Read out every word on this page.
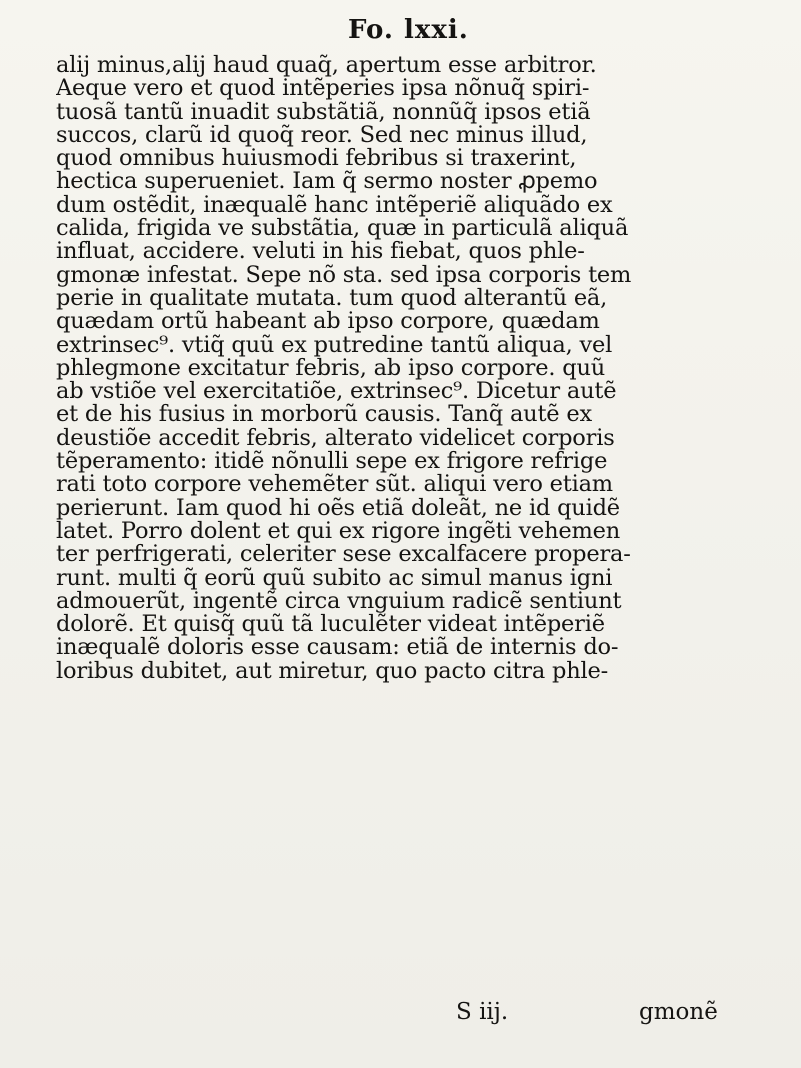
Fo. lxxi.
alij minus,alij haud quaq̃, apertum esse arbitror.
Aeque vero et quod intẽperies ipsa nõnuq̃ spiri-
tuosã tantũ inuadit substãtiã, nonnũq̃ ipsos etiã
succos, clarũ id quoq̃ reor. Sed nec minus illud,
quod omnibus huiusmodi febribus si traxerint,
hectica superueniet. Iam q̃ sermo noster ꝓpemo
dum ostẽdit, inæqualẽ hanc intẽperiẽ aliquãdo ex
calida, frigida ve substãtia, quæ in particulã aliquã
influat, accidere. veluti in his fiebat, quos phle-
gmonæ infestat. Sepe nõ sta. sed ipsa corporis tem
perie in qualitate mutata. tum quod alterantũ eã,
quædam ortũ habeant ab ipso corpore, quædam
extrinsec⁹. vtiq̃ quũ ex putredine tantũ aliqua, vel
phlegmone excitatur febris, ab ipso corpore. quũ
ab vstiõe vel exercitatiõe, extrinsec⁹. Dicetur autẽ
et de his fusius in morborũ causis. Tanq̃ autẽ ex
deustiõe accedit febris, alterato videlicet corporis
tẽperamento: itidẽ nõnulli sepe ex frigore refrige
rati toto corpore vehemẽter sũt. aliqui vero etiam
perierunt. Iam quod hi oẽs etiã doleãt, ne id quidẽ
latet. Porro dolent et qui ex rigore ingẽti vehemen
ter perfrigerati, celeriter sese excalfacere propera-
runt. multi q̃ eorũ quũ subito ac simul manus igni
admouerũt, ingentẽ circa vnguium radicẽ sentiunt
dolorẽ. Et quisq̃ quũ tã luculẽter videat intẽperiẽ
inæqualẽ doloris esse causam: etiã de internis do-
loribus dubitet, aut miretur, quo pacto citra phle-
S iij.	gmonẽ
